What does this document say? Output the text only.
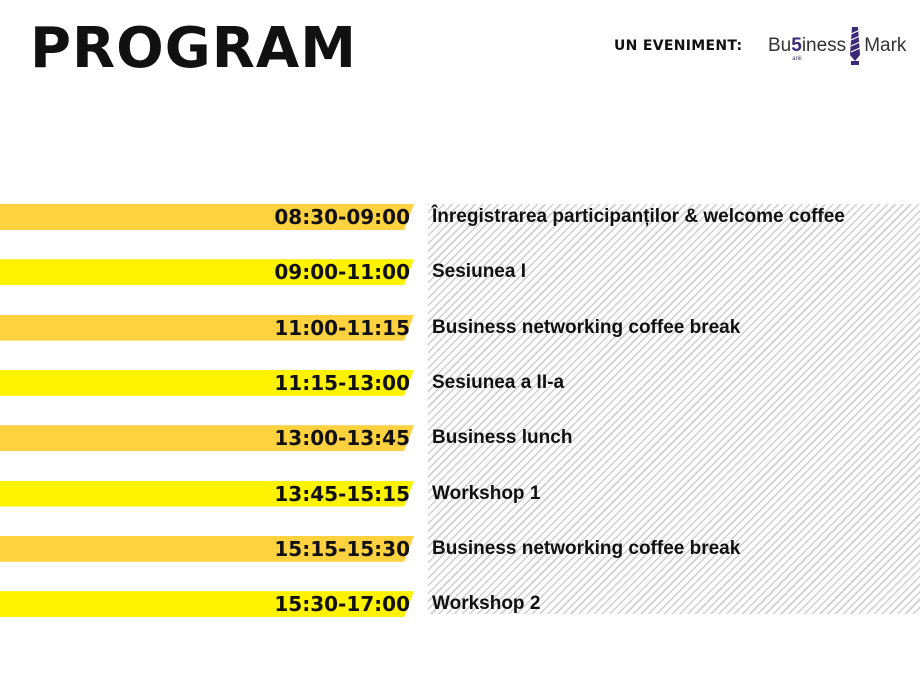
PROGRAM	UN EVENIMENT: Bu 5
anii
iness Mark
08:30-09:00 Înregistrarea participanților & welcome coffee
09:00-11:00 Sesiunea I
11:00-11:15 Business networking coffee break
11:15-13:00 Sesiunea a II-a
13:00-13:45 Business lunch
13:45-15:15 Workshop 1
15:15-15:30 Business networking coffee break
15:30-17:00 Workshop 2
